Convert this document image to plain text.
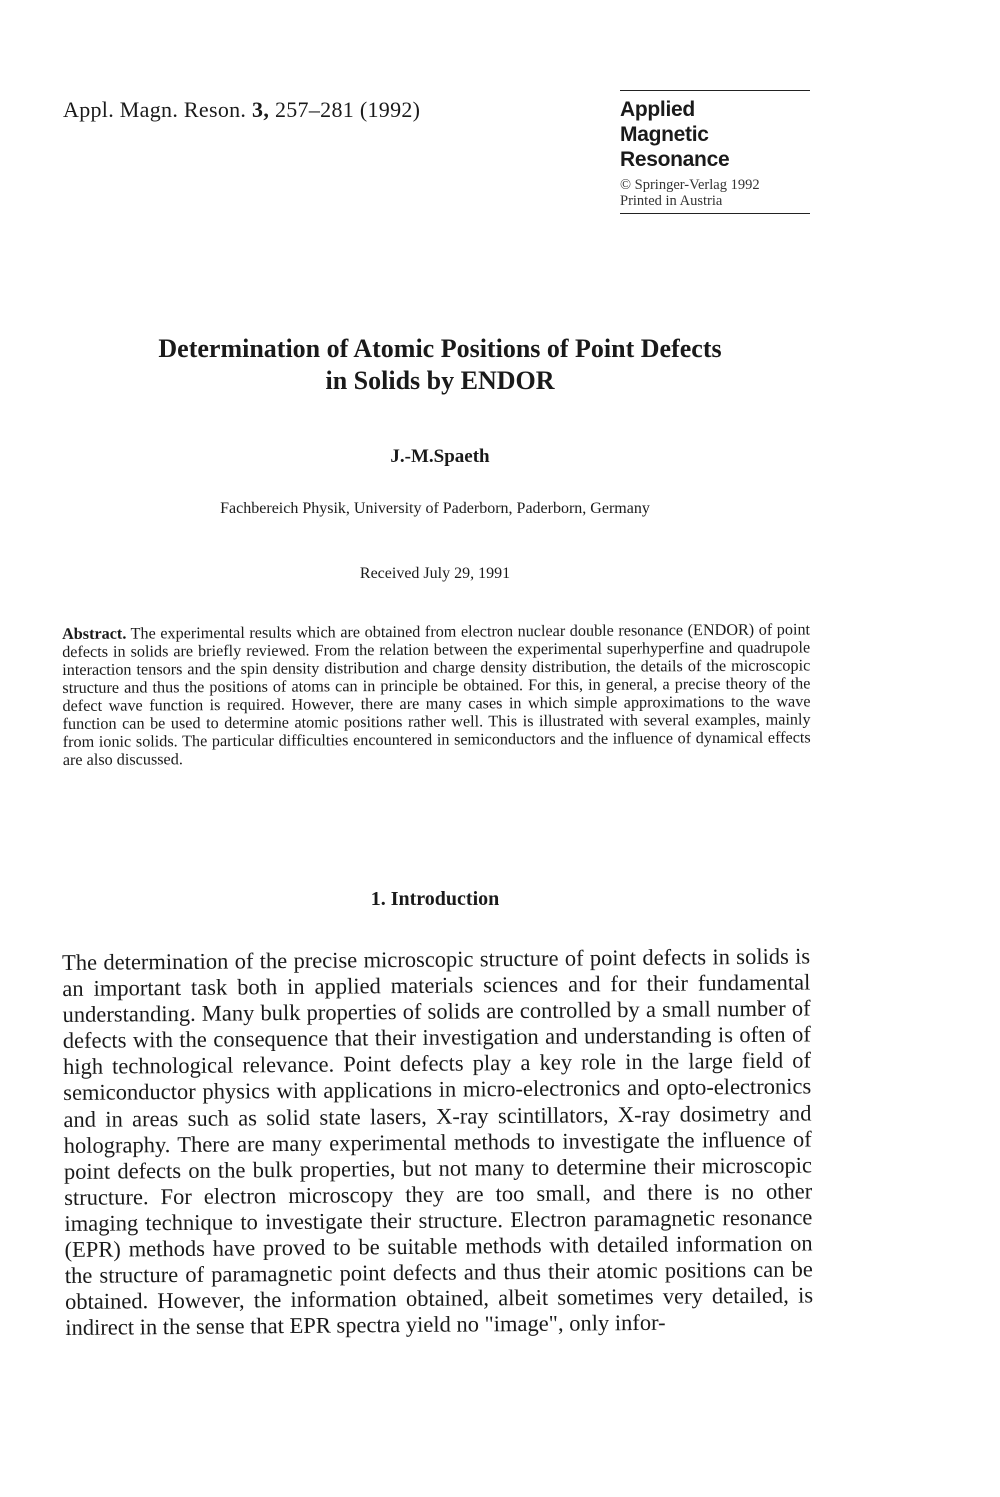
Appl. Magn. Reson. 3, 257–281 (1992)	Applied
Magnetic Resonance
© Springer-Verlag 1992
Printed in Austria
Determination of Atomic Positions of Point Defects
in Solids by ENDOR
J.-M.Spaeth
Fachbereich Physik, University of Paderborn, Paderborn, Germany
Received July 29, 1991
Abstract. The experimental results which are obtained from electron nuclear double resonance (ENDOR) of point defects in solids are briefly reviewed. From the relation between the experimental superhyperfine and quadrupole interaction tensors and the spin density distribution and charge density distribution, the details of the microscopic structure and thus the positions of atoms can in principle be obtained. For this, in general, a precise theory of the defect wave function is required. However, there are many cases in which simple approximations to the wave function can be used to determine atomic positions rather well. This is illustrated with several examples, mainly from ionic solids. The particular difficulties encountered in semiconductors and the influence of dynamical effects are also discussed.
1. Introduction
The determination of the precise microscopic structure of point defects in solids is an important task both in applied materials sciences and for their fundamental understanding. Many bulk properties of solids are controlled by a small number of defects with the consequence that their investigation and understanding is often of high technological relevance. Point defects play a key role in the large field of semiconductor physics with applications in micro-electronics and opto-electronics and in areas such as solid state lasers, X-ray scintillators, X-ray dosimetry and holography. There are many experimental methods to investigate the influence of point defects on the bulk properties, but not many to determine their microscopic structure. For electron microscopy they are too small, and there is no other imaging technique to investigate their structure. Electron paramagnetic resonance (EPR) methods have proved to be suitable methods with detailed information on the structure of paramagnetic point defects and thus their atomic positions can be obtained. However, the information obtained, albeit sometimes very detailed, is indirect in the sense that EPR spectra yield no "image", only infor-
